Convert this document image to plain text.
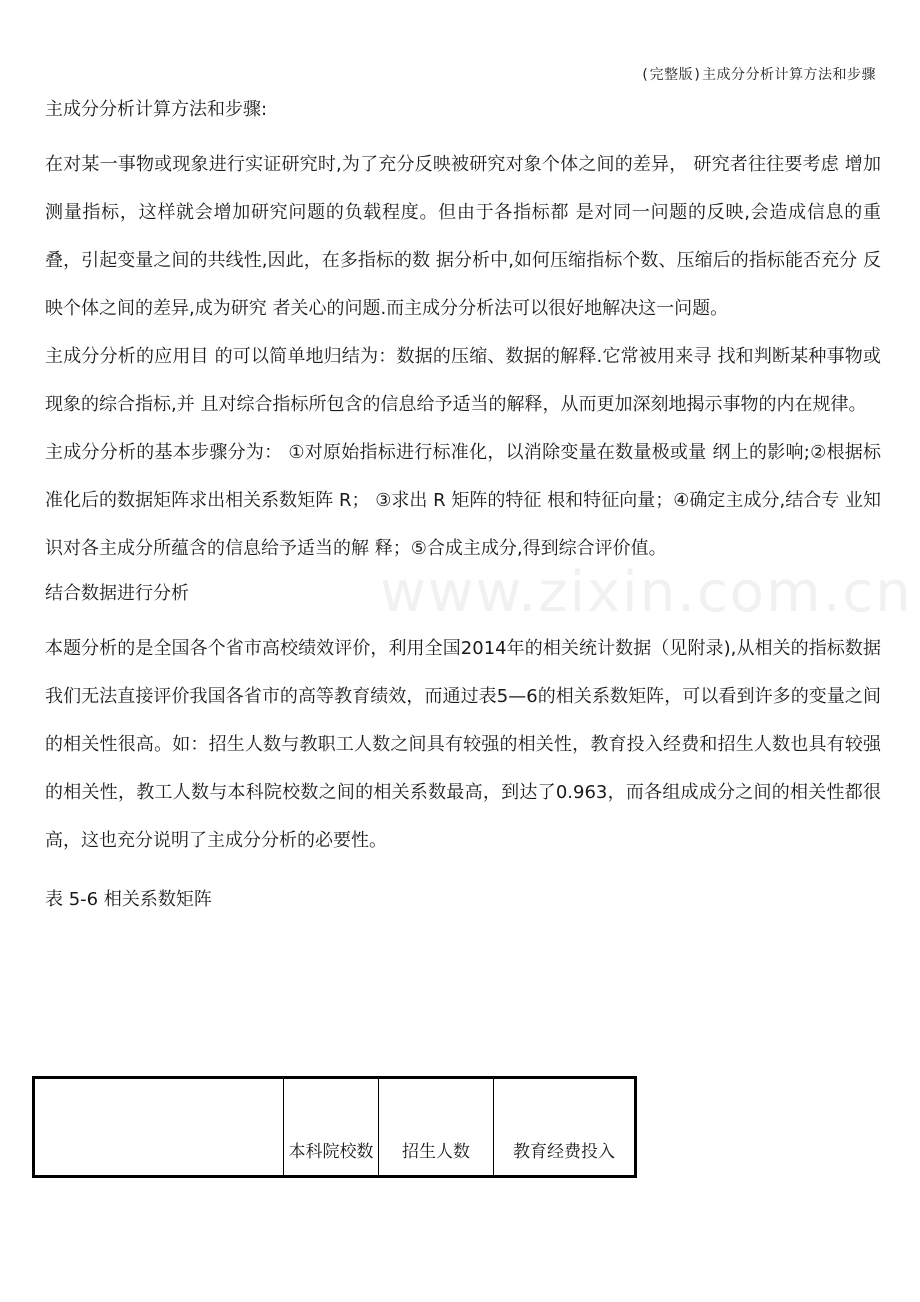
(完整版)主成分分析计算方法和步骤
www.zixin.com.cn

主成分分析计算方法和步骤:

在对某一事物或现象进行实证研究时,为了充分反映被研究对象个体之间的差异， 研究者往往要考虑 增加测量指标，这样就会增加研究问题的负载程度。但由于各指标都 是对同一问题的反映,会造成信息的重叠，引起变量之间的共线性,因此，在多指标的数 据分析中,如何压缩指标个数、压缩后的指标能否充分 反映个体之间的差异,成为研究 者关心的问题.而主成分分析法可以很好地解决这一问题。

主成分分析的应用目 的可以简单地归结为：数据的压缩、数据的解释.它常被用来寻 找和判断某种事物或现象的综合指标,并 且对综合指标所包含的信息给予适当的解释，从而更加深刻地揭示事物的内在规律。

主成分分析的基本步骤分为： ①对原始指标进行标准化，以消除变量在数量极或量 纲上的影响;②根据标准化后的数据矩阵求出相关系数矩阵 R； ③求出 R 矩阵的特征 根和特征向量；④确定主成分,结合专 业知识对各主成分所蕴含的信息给予适当的解 释；⑤合成主成分,得到综合评价值。

结合数据进行分析

本题分析的是全国各个省市高校绩效评价，利用全国2014年的相关统计数据（见附录),从相关的指标数据我们无法直接评价我国各省市的高等教育绩效，而通过表5—6的相关系数矩阵，可以看到许多的变量之间的相关性很高。如：招生人数与教职工人数之间具有较强的相关性，教育投入经费和招生人数也具有较强的相关性，教工人数与本科院校数之间的相关系数最高，到达了0.963，而各组成成分之间的相关性都很高，这也充分说明了主成分分析的必要性。

表 5-6 相关系数矩阵

	本科院校数	招生人数	教育经费投入
